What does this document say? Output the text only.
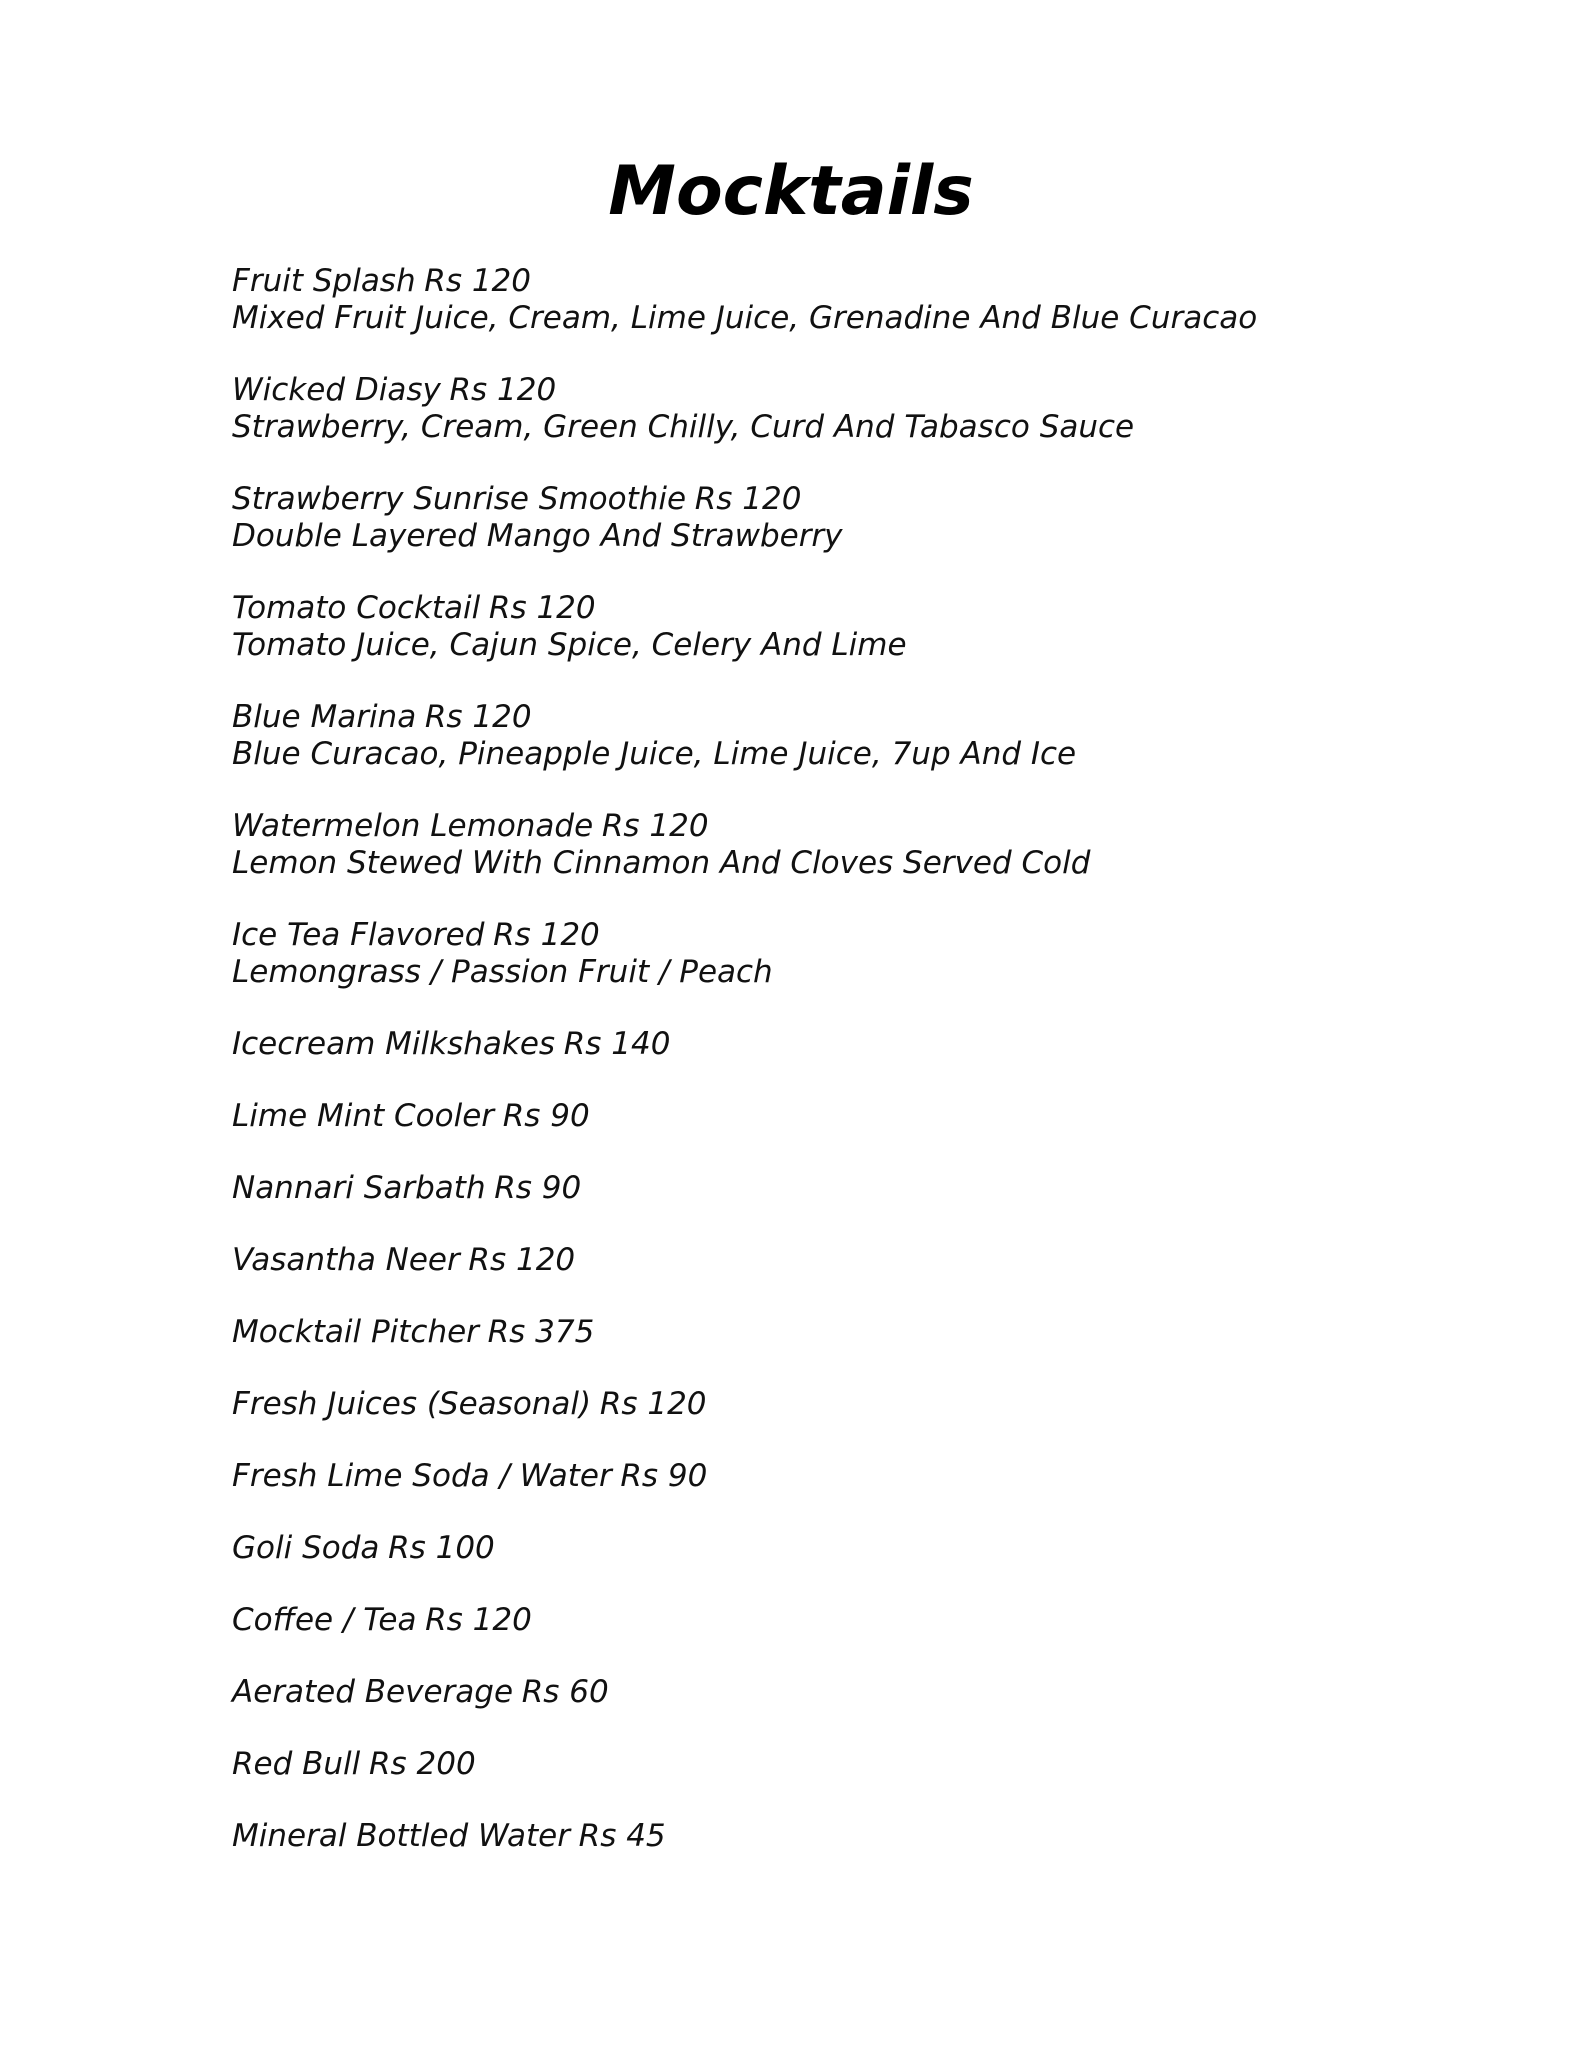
Mocktails
Fruit Splash Rs 120
Mixed Fruit Juice, Cream, Lime Juice, Grenadine And Blue Curacao
Wicked Diasy Rs 120
Strawberry, Cream, Green Chilly, Curd And Tabasco Sauce
Strawberry Sunrise Smoothie Rs 120
Double Layered Mango And Strawberry
Tomato Cocktail Rs 120
Tomato Juice, Cajun Spice, Celery And Lime
Blue Marina Rs 120
Blue Curacao, Pineapple Juice, Lime Juice, 7up And Ice
Watermelon Lemonade Rs 120
Lemon Stewed With Cinnamon And Cloves Served Cold
Ice Tea Flavored Rs 120
Lemongrass / Passion Fruit / Peach
Icecream Milkshakes Rs 140
Lime Mint Cooler Rs 90
Nannari Sarbath Rs 90
Vasantha Neer Rs 120
Mocktail Pitcher Rs 375
Fresh Juices (Seasonal) Rs 120
Fresh Lime Soda / Water Rs 90
Goli Soda Rs 100
Coffee / Tea Rs 120
Aerated Beverage Rs 60
Red Bull Rs 200
Mineral Bottled Water Rs 45
